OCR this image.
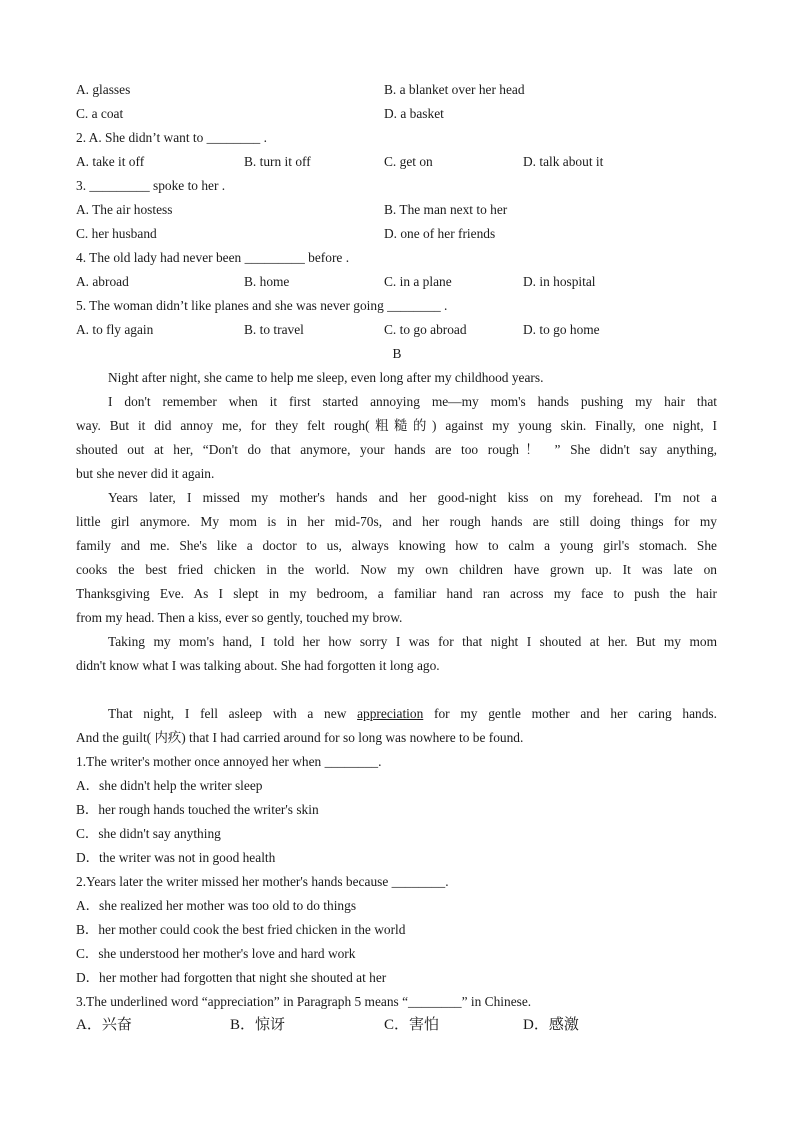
A. glasses	B. a blanket over her head
C. a coat	D. a basket
2. A. She didn’t want to ________ .
A. take it off	B. turn it off	C. get on	D. talk about it
3. _________ spoke to her .
A. The air hostess	B. The man next to her
C. her husband	D. one of her friends
4. The old lady had never been _________ before .
A. abroad	B. home	C. in a plane	D. in hospital
5. The woman didn’t like planes and she was never going ________ .
A. to fly again	B. to travel	C. to go abroad	D. to go home
B
Night after night, she came to help me sleep, even long after my childhood years.
I don't remember when it first started annoying me—my mom's hands pushing my hair that
way. But it did annoy me, for they felt rough(粗糙的) against my young skin. Finally, one night, I
shouted out at her, “Don't do that anymore, your hands are too rough！ ” She didn't say anything,
but she never did it again.
Years later, I missed my mother's hands and her good-night kiss on my forehead. I'm not a
little girl anymore. My mom is in her mid-70s, and her rough hands are still doing things for my
family and me. She's like a doctor to us, always knowing how to calm a young girl's stomach. She
cooks the best fried chicken in the world. Now my own children have grown up. It was late on
Thanksgiving Eve. As I slept in my bedroom, a familiar hand ran across my face to push the hair
from my head. Then a kiss, ever so gently, touched my brow.
Taking my mom's hand, I told her how sorry I was for that night I shouted at her. But my mom
didn't know what I was talking about. She had forgotten it long ago.
That night, I fell asleep with a new appreciation for my gentle mother and her caring hands.
And the guilt( 内疚) that I had carried around for so long was nowhere to be found.
1.The writer's mother once annoyed her when ________.
A．she didn't help the writer sleep
B．her rough hands touched the writer's skin
C．she didn't say anything
D．the writer was not in good health
2.Years later the writer missed her mother's hands because ________.
A．she realized her mother was too old to do things
B．her mother could cook the best fried chicken in the world
C．she understood her mother's love and hard work
D．her mother had forgotten that night she shouted at her
3.The underlined word “appreciation” in Paragraph 5 means “________” in Chinese.
A．兴奋	B．惊讶	C．害怕	D．感激
